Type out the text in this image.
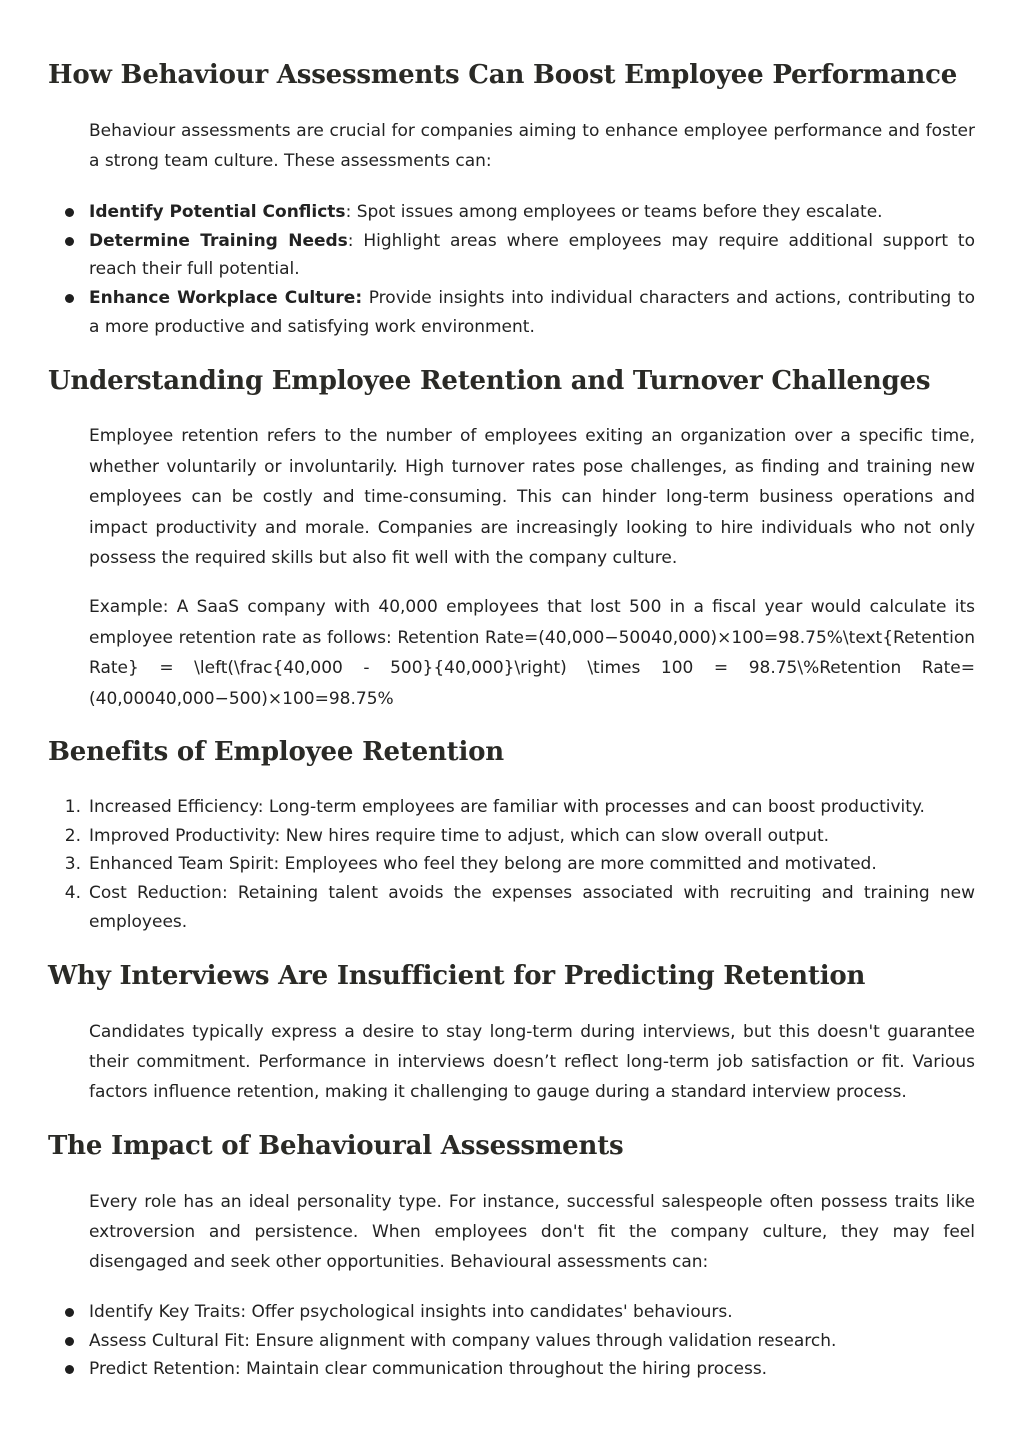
How Behaviour Assessments Can Boost Employee Performance

Behaviour assessments are crucial for companies aiming to enhance employee performance and foster a strong team culture. These assessments can:

Identify Potential Conflicts: Spot issues among employees or teams before they escalate.
Determine Training Needs: Highlight areas where employees may require additional support to reach their full potential.
Enhance Workplace Culture: Provide insights into individual characters and actions, contributing to a more productive and satisfying work environment.
Understanding Employee Retention and Turnover Challenges

Employee retention refers to the number of employees exiting an organization over a specific time, whether voluntarily or involuntarily. High turnover rates pose challenges, as finding and training new employees can be costly and time-consuming. This can hinder long-term business operations and impact productivity and morale. Companies are increasingly looking to hire individuals who not only possess the required skills but also fit well with the company culture.

Example: A SaaS company with 40,000 employees that lost 500 in a fiscal year would calculate its employee retention rate as follows: Retention Rate=(40,000−50040,000)×100=98.75%\text{Retention Rate} = \left(\frac{40,000 - 500}{40,000}\right) \times 100 = 98.75\%Retention Rate=(40,00040,000−500​)×100=98.75%

Benefits of Employee Retention
1. Increased Efficiency: Long-term employees are familiar with processes and can boost productivity.
2. Improved Productivity: New hires require time to adjust, which can slow overall output.
3. Enhanced Team Spirit: Employees who feel they belong are more committed and motivated.
4. Cost Reduction: Retaining talent avoids the expenses associated with recruiting and training new employees.
Why Interviews Are Insufficient for Predicting Retention

Candidates typically express a desire to stay long-term during interviews, but this doesn't guarantee their commitment. Performance in interviews doesn’t reflect long-term job satisfaction or fit. Various factors influence retention, making it challenging to gauge during a standard interview process.

The Impact of Behavioural Assessments

Every role has an ideal personality type. For instance, successful salespeople often possess traits like extroversion and persistence. When employees don't fit the company culture, they may feel disengaged and seek other opportunities. Behavioural assessments can:

Identify Key Traits: Offer psychological insights into candidates' behaviours.
Assess Cultural Fit: Ensure alignment with company values through validation research.
Predict Retention: Maintain clear communication throughout the hiring process.
